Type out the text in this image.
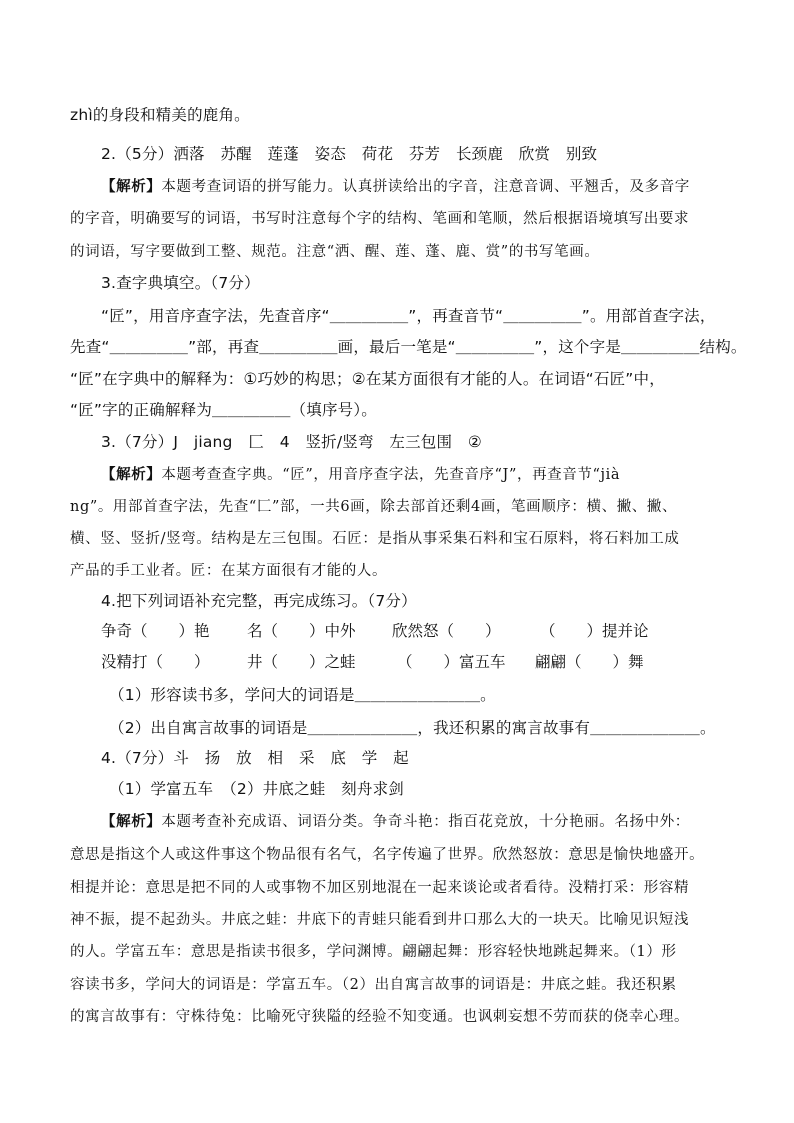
zhì的身段和精美的鹿角。
2.（5分）洒落　苏醒　莲蓬　姿态　荷花　芬芳　长颈鹿　欣赏　别致
【解析】本题考查词语的拼写能力。认真拼读给出的字音，注意音调、平翘舌，及多音字
的字音，明确要写的词语，书写时注意每个字的结构、笔画和笔顺，然后根据语境填写出要求
的词语，写字要做到工整、规范。注意“洒、醒、莲、蓬、鹿、赏”的书写笔画。
3.查字典填空。（7分）
“匠”，用音序查字法，先查音序“＿＿＿＿＿”，再查音节“＿＿＿＿＿”。用部首查字法，
先查“＿＿＿＿＿”部，再查＿＿＿＿＿画，最后一笔是“＿＿＿＿＿”，这个字是＿＿＿＿＿结构。
“匠”在字典中的解释为：①巧妙的构思；②在某方面很有才能的人。在词语“石匠”中，
“匠”字的正确解释为＿＿＿＿＿（填序号）。
3.（7分）J　jiang　匚　4　竖折/竖弯　左三包围　②
【解析】本题考查查字典。“匠”，用音序查字法，先查音序“J”，再查音节“jià
ng”。用部首查字法，先查“匚”部，一共6画，除去部首还剩4画，笔画顺序：横、撇、撇、
横、竖、竖折/竖弯。结构是左三包围。石匠：是指从事采集石料和宝石原料，将石料加工成
产品的手工业者。匠：在某方面很有才能的人。
4.把下列词语补充完整，再完成练习。（7分）
争奇（　　）艳 名（　　）中外 欣然怒（　　）	（　　）提并论
没精打（　　） 井（　　）之蛙	（　　）富五车 翩翩（　　）舞
（1）形容读书多，学问大的词语是＿＿＿＿＿＿＿＿。
（2）出自寓言故事的词语是＿＿＿＿＿＿＿，我还积累的寓言故事有＿＿＿＿＿＿＿。
4.（7分）斗　扬　放　相　采　底　学　起
（1）学富五车　（2）井底之蛙　刻舟求剑
【解析】本题考查补充成语、词语分类。争奇斗艳：指百花竞放，十分艳丽。名扬中外：
意思是指这个人或这件事这个物品很有名气，名字传遍了世界。欣然怒放：意思是愉快地盛开。
相提并论：意思是把不同的人或事物不加区别地混在一起来谈论或者看待。没精打采：形容精
神不振，提不起劲头。井底之蛙：井底下的青蛙只能看到井口那么大的一块天。比喻见识短浅
的人。学富五车：意思是指读书很多，学问渊博。翩翩起舞：形容轻快地跳起舞来。（1）形
容读书多，学问大的词语是：学富五车。（2）出自寓言故事的词语是：井底之蛙。我还积累
的寓言故事有：守株待兔：比喻死守狭隘的经验不知变通。也讽刺妄想不劳而获的侥幸心理。
